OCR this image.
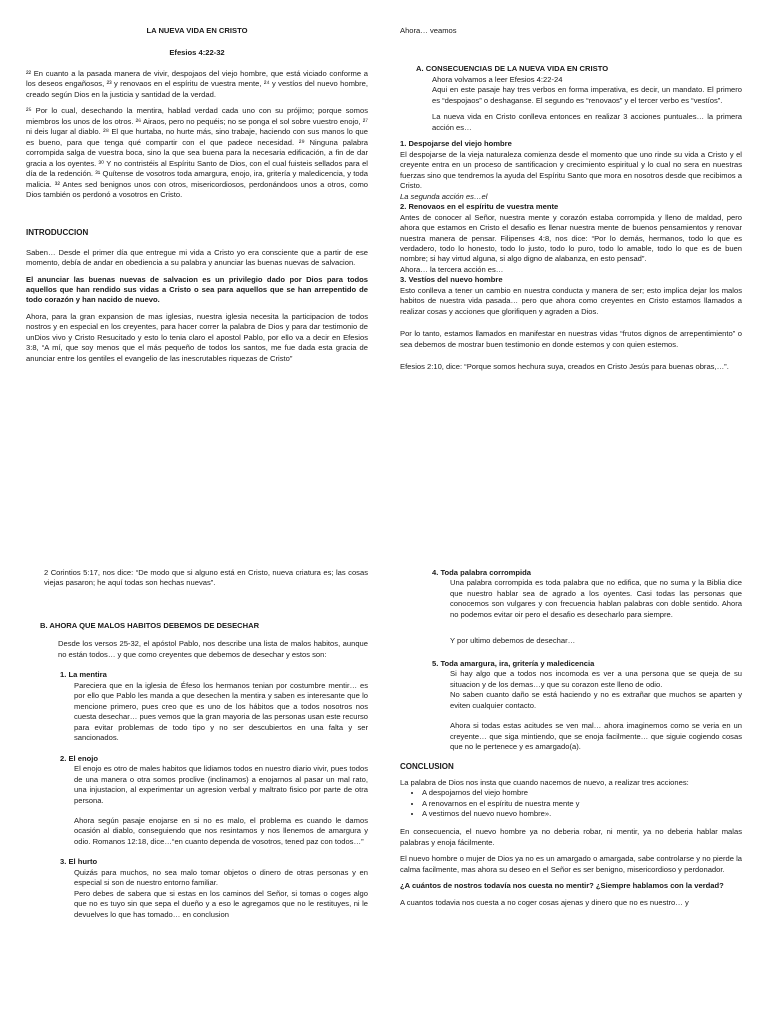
LA NUEVA VIDA EN CRISTO
Efesios 4:22-32

²² En cuanto a la pasada manera de vivir, despojaos del viejo hombre, que está viciado conforme a los deseos engañosos, ²³ y renovaos en el espíritu de vuestra mente, ²⁴ y vestíos del nuevo hombre, creado según Dios en la justicia y santidad de la verdad.

²⁵ Por lo cual, desechando la mentira, hablad verdad cada uno con su prójimo; porque somos miembros los unos de los otros. ²⁶ Airaos, pero no pequéis; no se ponga el sol sobre vuestro enojo, ²⁷ ni deis lugar al diablo. ²⁸ El que hurtaba, no hurte más, sino trabaje, haciendo con sus manos lo que es bueno, para que tenga qué compartir con el que padece necesidad. ²⁹ Ninguna palabra corrompida salga de vuestra boca, sino la que sea buena para la necesaria edificación, a fin de dar gracia a los oyentes. ³⁰ Y no contristéis al Espíritu Santo de Dios, con el cual fuisteis sellados para el día de la redención. ³¹ Quítense de vosotros toda amargura, enojo, ira, gritería y maledicencia, y toda malicia. ³² Antes sed benignos unos con otros, misericordiosos, perdonándoos unos a otros, como Dios también os perdonó a vosotros en Cristo.

INTRODUCCION

Saben… Desde el primer día que entregue mi vida a Cristo yo era consciente que a partir de ese momento, debía de andar en obediencia a su palabra y anunciar las buenas nuevas de salvacion.

El anunciar las buenas nuevas de salvacion es un privilegio dado por Dios para todos aquellos que han rendido sus vidas a Cristo o sea para aquellos que se han arrepentido de todo corazón y han nacido de nuevo.

Ahora, para la gran expansion de mas iglesias, nuestra iglesia necesita la participacion de todos nostros y en especial en los creyentes, para hacer correr la palabra de Dios y para dar testimonio de unDios vivo y Cristo Resucitado y esto lo tenia claro el apostol Pablo, por ello va a decir en Efesios 3:8, “A mí, que soy menos que el más pequeño de todos los santos, me fue dada esta gracia de anunciar entre los gentiles el evangelio de las inescrutables riquezas de Cristo”

Ahora… veamos
A. CONSECUENCIAS DE LA NUEVA VIDA EN CRISTO
Ahora volvamos a leer Efesios 4:22-24

Aqui en este pasaje hay tres verbos en forma imperativa, es decir, un mandato. El primero es “despojaos” o deshaganse. El segundo es “renovaos” y el tercer verbo es “vestíos”.

La nueva vida en Cristo conlleva entonces en realizar 3 acciones puntuales… la primera acción es…

1. Despojarse del viejo hombre

El despojarse de la vieja naturaleza comienza desde el momento que uno rinde su vida a Cristo y el creyente entra en un proceso de santificacion y crecimiento espiritual y lo cual no sera en nuestras fuerzas sino que tendremos la ayuda del Espíritu Santo que mora en nosotros desde que recibimos a Cristo.

La segunda acción es…el
2. Renovaos en el espíritu de vuestra mente

Antes de conocer al Señor, nuestra mente y corazón estaba corrompida y lleno de maldad, pero ahora que estamos en Cristo el desafio es llenar nuestra mente de buenos pensamientos y renovar nuestra manera de pensar. Filipenses 4:8, nos dice: “Por lo demás, hermanos, todo lo que es verdadero, todo lo honesto, todo lo justo, todo lo puro, todo lo amable, todo lo que es de buen nombre; si hay virtud alguna, si algo digno de alabanza, en esto pensad”.

Ahora… la tercera acción es…
3. Vestíos del nuevo hombre

Esto conlleva a tener un cambio en nuestra conducta y manera de ser; esto implica dejar los malos habitos de nuestra vida pasada… pero que ahora como creyentes en Cristo estamos llamados a realizar cosas y acciones que glorifiquen y agraden a Dios.

Por lo tanto, estamos llamados en manifestar en nuestras vidas “frutos dignos de arrepentimiento” o sea debemos de mostrar buen testimonio en donde estemos y con quien estemos.

Efesios 2:10, dice: “Porque somos hechura suya, creados en Cristo Jesús para buenas obras,…”.

2 Corintios 5:17, nos dice: “De modo que si alguno está en Cristo, nueva criatura es; las cosas viejas pasaron; he aquí todas son hechas nuevas”.

B. AHORA QUE MALOS HABITOS DEBEMOS DE DESECHAR

Desde los versos 25-32, el apóstol Pablo, nos describe una lista de malos habitos, aunque no están todos… y que como creyentes que debemos de desechar y estos son:

1. La mentira

Pareciera que en la iglesia de Éfeso los hermanos tenian por costumbre mentir… es por ello que Pablo les manda a que desechen la mentira y saben es interesante que lo mencione primero, pues creo que es uno de los hábitos que a todos nosotros nos cuesta desechar… pues vemos que la gran mayoria de las personas usan este recurso para evitar problemas de todo tipo y no ser descubiertos en una falta y ser sancionados.

2. El enojo

El enojo es otro de males habitos que lidiamos todos en nuestro diario vivir, pues todos de una manera o otra somos proclive (inclinamos) a enojarnos al pasar un mal rato, una injustacion, al experimentar un agresion verbal y maltrato fisico por parte de otra persona.

Ahora según pasaje enojarse en si no es malo, el problema es cuando le damos ocasión al diablo, conseguiendo que nos resintamos y nos llenemos de amargura y odio. Romanos 12:18, dice…“en cuanto dependa de vosotros, tened paz con todos…”

3. El hurto

Quizás para muchos, no sea malo tomar objetos o dinero de otras personas y en especial si son de nuestro entorno familiar.

Pero debes de sabera que si estas en los caminos del Señor, si tomas o coges algo que no es tuyo sin que sepa el dueño y a eso le agregamos que no le restituyes, ni le devuelves lo que has tomado… en conclusion

4. Toda palabra corrompida

Una palabra corrompida es toda palabra que no edifica, que no suma y la Biblia dice que nuestro hablar sea de agrado a los oyentes. Casi todas las personas que conocemos son vulgares y con frecuencia hablan palabras con doble sentido. Ahora no podemos evitar oir pero el desafio es desecharlo para siempre.

Y por ultimo debemos de desechar…

5. Toda amargura, ira, gritería y maledicencia

Si hay algo que a todos nos incomoda es ver a una persona que se queja de su situacion y de los demas…y que su corazon este lleno de odio.

No saben cuanto daño se está haciendo y no es extrañar que muchos se aparten y eviten cualquier contacto.

Ahora si todas estas acitudes se ven mal… ahora imaginemos como se veria en un creyente… que siga mintiendo, que se enoja facilmente… que siguie cogiendo cosas que no le pertenece y es amargado(a).

CONCLUSION

La palabra de Dios nos insta que cuando nacemos de nuevo, a realizar tres acciones:

• A despojarnos del viejo hombre
• A renovarnos en el espíritu de nuestra mente y
• A vestirnos del nuevo nuevo hombre».

En consecuencia, el nuevo hombre ya no deberia robar, ni mentir, ya no deberia hablar malas palabras y enoja fácilmente.

El nuevo hombre o mujer de Dios ya no es un amargado o amargada, sabe controlarse y no pierde la calma facilmente, mas ahora su deseo en el Señor es ser benigno, misericordioso y perdonador.

¿A cuántos de nostros todavía nos cuesta no mentir? ¿Siempre hablamos con la verdad?

A cuantos todavia nos cuesta a no coger cosas ajenas y dinero que no es nuestro… y
